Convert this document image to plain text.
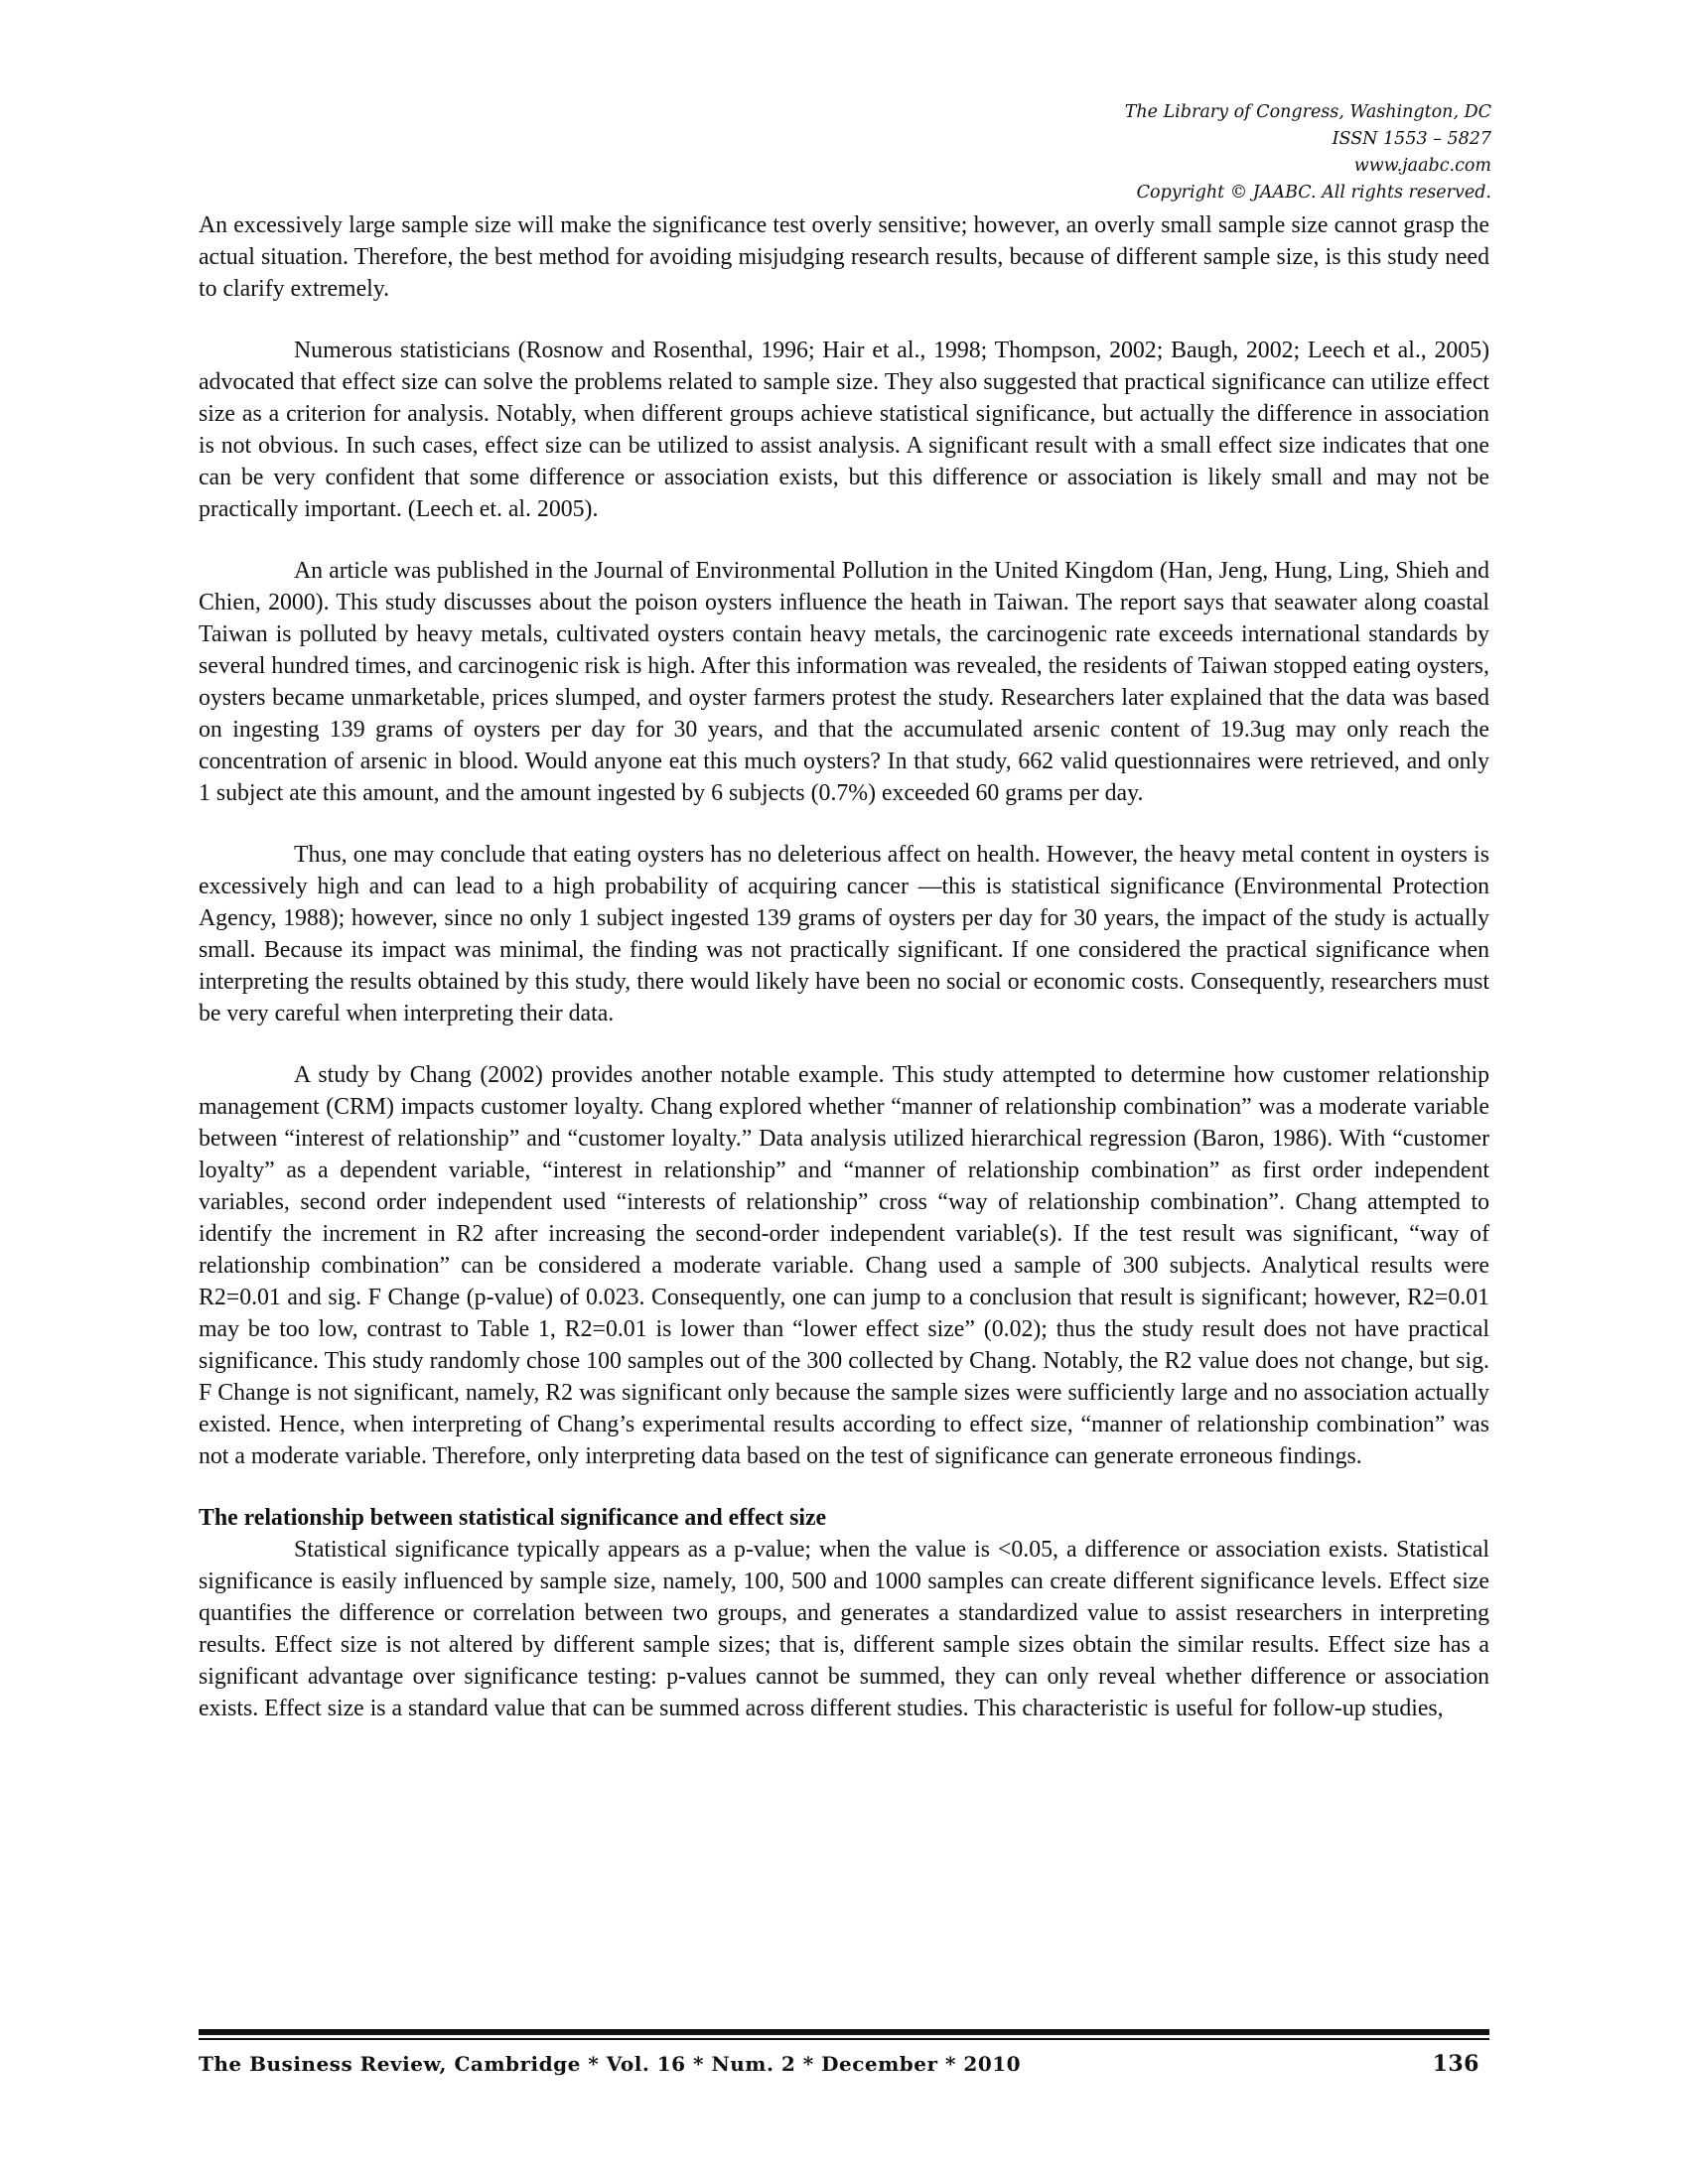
The Library of Congress, Washington, DC
ISSN 1553 – 5827
www.jaabc.com
Copyright © JAABC. All rights reserved.

An excessively large sample size will make the significance test overly sensitive; however, an overly small sample size cannot grasp the actual situation. Therefore, the best method for avoiding misjudging research results, because of different sample size, is this study need to clarify extremely.

Numerous statisticians (Rosnow and Rosenthal, 1996; Hair et al., 1998; Thompson, 2002; Baugh, 2002; Leech et al., 2005) advocated that effect size can solve the problems related to sample size. They also suggested that practical significance can utilize effect size as a criterion for analysis. Notably, when different groups achieve statistical significance, but actually the difference in association is not obvious. In such cases, effect size can be utilized to assist analysis. A significant result with a small effect size indicates that one can be very confident that some difference or association exists, but this difference or association is likely small and may not be practically important. (Leech et. al. 2005).

An article was published in the Journal of Environmental Pollution in the United Kingdom (Han, Jeng, Hung, Ling, Shieh and Chien, 2000). This study discusses about the poison oysters influence the heath in Taiwan. The report says that seawater along coastal Taiwan is polluted by heavy metals, cultivated oysters contain heavy metals, the carcinogenic rate exceeds international standards by several hundred times, and carcinogenic risk is high. After this information was revealed, the residents of Taiwan stopped eating oysters, oysters became unmarketable, prices slumped, and oyster farmers protest the study. Researchers later explained that the data was based on ingesting 139 grams of oysters per day for 30 years, and that the accumulated arsenic content of 19.3ug may only reach the concentration of arsenic in blood. Would anyone eat this much oysters? In that study, 662 valid questionnaires were retrieved, and only 1 subject ate this amount, and the amount ingested by 6 subjects (0.7%) exceeded 60 grams per day.

Thus, one may conclude that eating oysters has no deleterious affect on health. However, the heavy metal content in oysters is excessively high and can lead to a high probability of acquiring cancer —this is statistical significance (Environmental Protection Agency, 1988); however, since no only 1 subject ingested 139 grams of oysters per day for 30 years, the impact of the study is actually small. Because its impact was minimal, the finding was not practically significant. If one considered the practical significance when interpreting the results obtained by this study, there would likely have been no social or economic costs. Consequently, researchers must be very careful when interpreting their data.

A study by Chang (2002) provides another notable example. This study attempted to determine how customer relationship management (CRM) impacts customer loyalty. Chang explored whether “manner of relationship combination” was a moderate variable between “interest of relationship” and “customer loyalty.” Data analysis utilized hierarchical regression (Baron, 1986). With “customer loyalty” as a dependent variable, “interest in relationship” and “manner of relationship combination” as first order independent variables, second order independent used “interests of relationship” cross “way of relationship combination”. Chang attempted to identify the increment in R2 after increasing the second-order independent variable(s). If the test result was significant, “way of relationship combination” can be considered a moderate variable. Chang used a sample of 300 subjects. Analytical results were R2=0.01 and sig. F Change (p-value) of 0.023. Consequently, one can jump to a conclusion that result is significant; however, R2=0.01 may be too low, contrast to Table 1, R2=0.01 is lower than “lower effect size” (0.02); thus the study result does not have practical significance. This study randomly chose 100 samples out of the 300 collected by Chang. Notably, the R2 value does not change, but sig. F Change is not significant, namely, R2 was significant only because the sample sizes were sufficiently large and no association actually existed. Hence, when interpreting of Chang’s experimental results according to effect size, “manner of relationship combination” was not a moderate variable. Therefore, only interpreting data based on the test of significance can generate erroneous findings.

The relationship between statistical significance and effect size

Statistical significance typically appears as a p-value; when the value is <0.05, a difference or association exists. Statistical significance is easily influenced by sample size, namely, 100, 500 and 1000 samples can create different significance levels. Effect size quantifies the difference or correlation between two groups, and generates a standardized value to assist researchers in interpreting results. Effect size is not altered by different sample sizes; that is, different sample sizes obtain the similar results. Effect size has a significant advantage over significance testing: p-values cannot be summed, they can only reveal whether difference or association exists. Effect size is a standard value that can be summed across different studies. This characteristic is useful for follow-up studies,

The Business Review, Cambridge * Vol. 16 * Num. 2 * December * 2010	136
